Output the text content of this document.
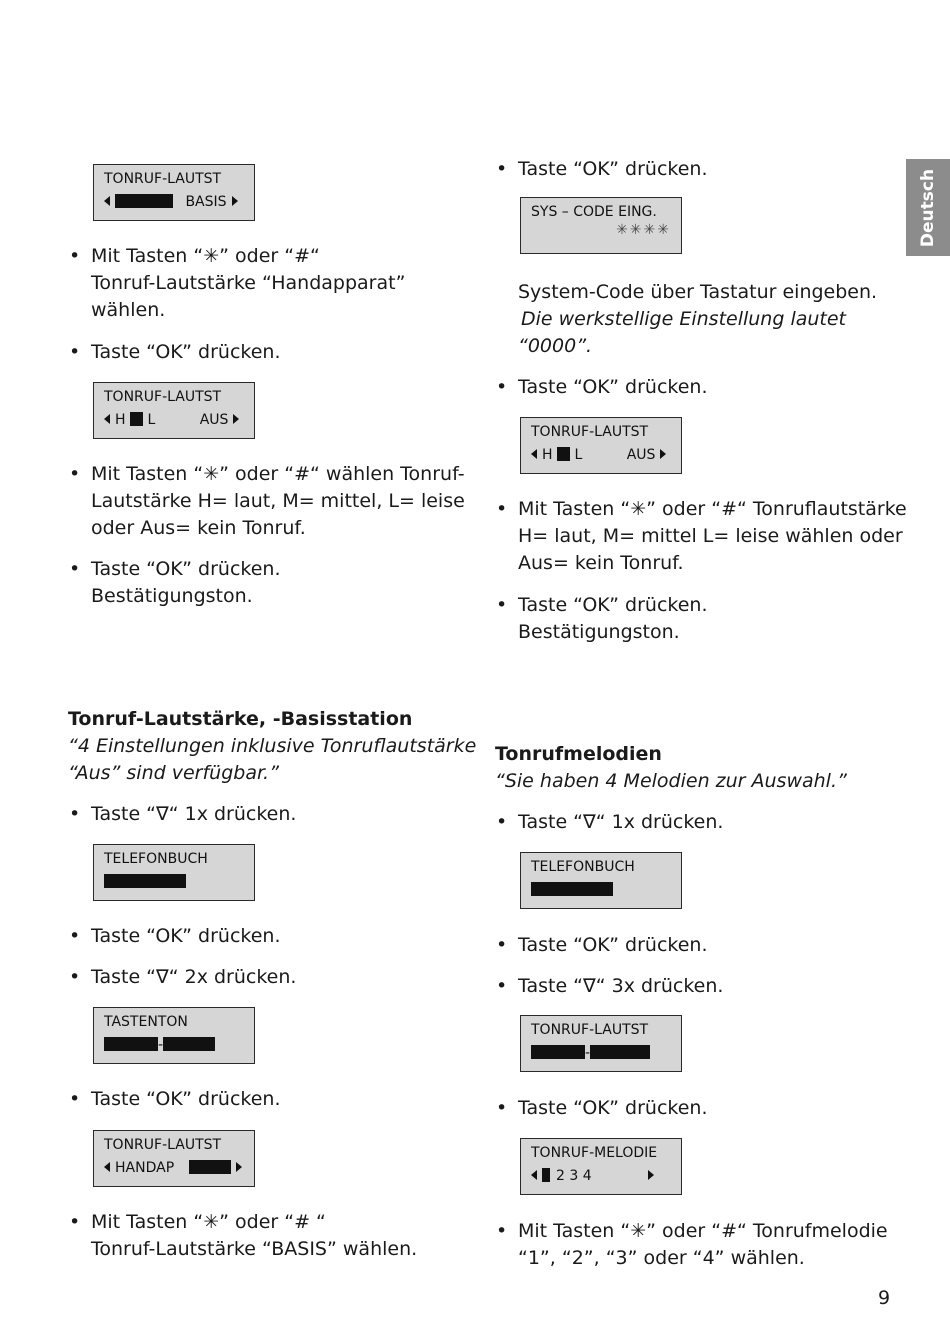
Deutsch
TONRUF-LAUTST
BASIS
• Mit Tasten “✳” oder “#“
Tonruf-Lautstärke “Handapparat”
wählen.
• Taste “OK” drücken.
TONRUF-LAUTST
H L	AUS
• Mit Tasten “✳” oder “#“ wählen Tonruf-
Lautstärke H= laut, M= mittel, L= leise
oder Aus= kein Tonruf.
• Taste “OK” drücken.
Bestätigungston.
Tonruf-Lautstärke, -Basisstation
“4 Einstellungen inklusive Tonruflautstärke
“Aus” sind verfügbar.”
• Taste “∇“ 1x drücken.
TELEFONBUCH
• Taste “OK” drücken.
• Taste “∇“ 2x drücken.
TASTENTON
-
• Taste “OK” drücken.
TONRUF-LAUTST
HANDAP
• Mit Tasten “✳” oder “# “
Tonruf-Lautstärke “BASIS” wählen.
• Taste “OK” drücken.
SYS – CODE EING.
✳✳✳✳
System-Code über Tastatur eingeben.
Die werkstellige Einstellung lautet
“0000”.
• Taste “OK” drücken.
TONRUF-LAUTST
H L	AUS
• Mit Tasten “✳” oder “#“ Tonruflautstärke
H= laut, M= mittel L= leise wählen oder
Aus= kein Tonruf.
• Taste “OK” drücken.
Bestätigungston.
Tonrufmelodien
“Sie haben 4 Melodien zur Auswahl.”
• Taste “∇“ 1x drücken.
TELEFONBUCH
• Taste “OK” drücken.
• Taste “∇“ 3x drücken.
TONRUF-LAUTST
-
• Taste “OK” drücken.
TONRUF-MELODIE
2 3 4
• Mit Tasten “✳” oder “#“ Tonrufmelodie
“1”, “2”, “3” oder “4” wählen.
9
